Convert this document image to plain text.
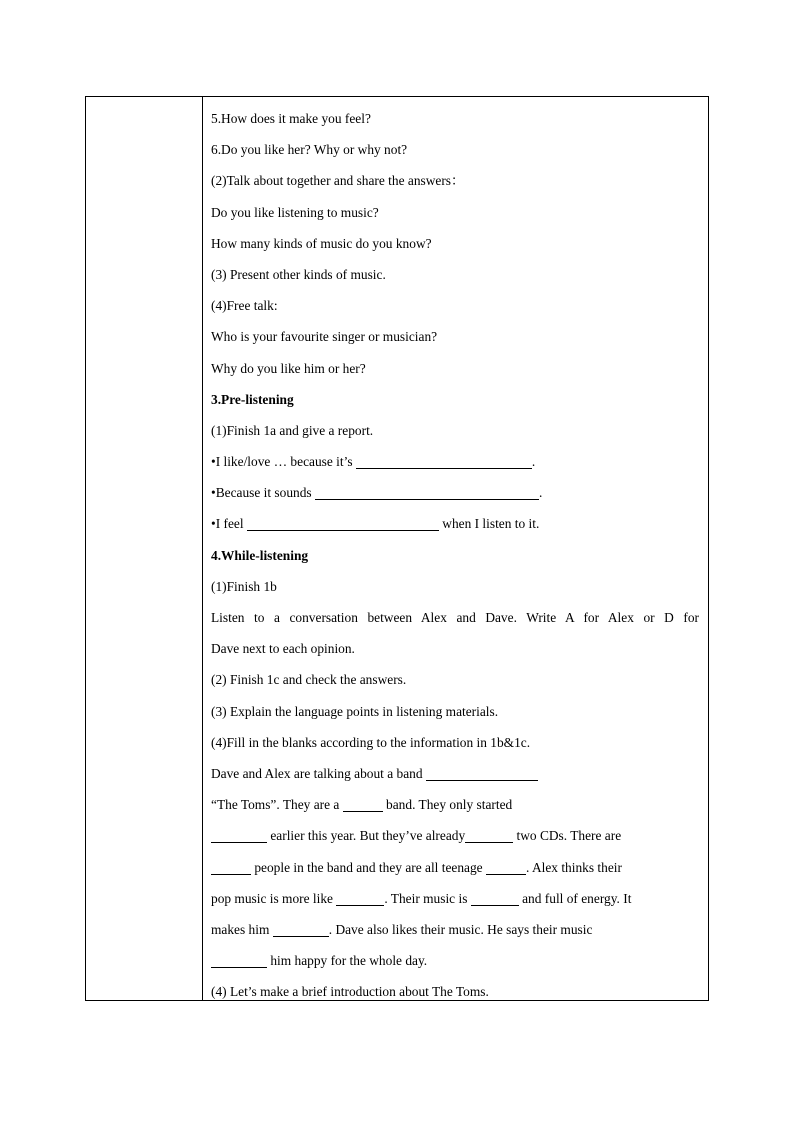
5.How does it make you feel?
6.Do you like her? Why or why not?
(2)Talk about together and share the answers：
Do you like listening to music?
How many kinds of music do you know?
(3) Present other kinds of music.
(4)Free talk:
Who is your favourite singer or musician?
Why do you like him or her?
3.Pre-listening
(1)Finish 1a and give a report.
•I like/love … because it’s	.
•Because it sounds	.
•I feel	when I listen to it.
4.While-listening
(1)Finish 1b
Listen to a conversation between Alex and Dave. Write A for Alex or D for
Dave next to each opinion.
(2) Finish 1c and check the answers.
(3) Explain the language points in listening materials.
(4)Fill in the blanks according to the information in 1b&1c.
Dave and Alex are talking about a band
“The Toms”. They are a	band. They only started
earlier this year. But they’ve already	two CDs. There are
people in the band and they are all teenage	. Alex thinks their
pop music is more like	. Their music is	and full of energy. It
makes him	. Dave also likes their music. He says their music
him happy for the whole day.
(4) Let’s make a brief introduction about The Toms.
